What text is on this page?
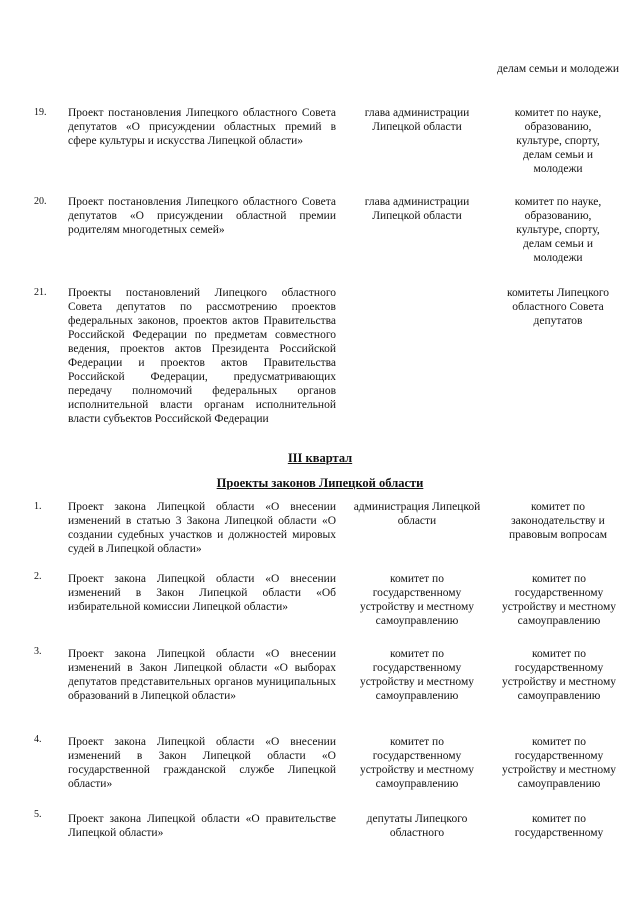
делам семьи и молодежи
19. Проект постановления Липецкого областного Совета депутатов «О присуждении областных премий в сфере культуры и искусства Липецкой области»
глава администрации Липецкой области
комитет по науке, образованию, культуре, спорту, делам семьи и молодежи
20. Проект постановления Липецкого областного Совета депутатов «О присуждении областной премии родителям многодетных семей»
глава администрации Липецкой области
комитет по науке, образованию, культуре, спорту, делам семьи и молодежи
21. Проекты постановлений Липецкого областного Совета депутатов по рассмотрению проектов федеральных законов, проектов актов Правительства Российской Федерации по предметам совместного ведения, проектов актов Президента Российской Федерации и проектов актов Правительства Российской Федерации, предусматривающих передачу полномочий федеральных органов исполнительной власти органам исполнительной власти субъектов Российской Федерации
комитеты Липецкого областного Совета депутатов
III квартал
Проекты законов Липецкой области
1. Проект закона Липецкой области «О внесении изменений в статью 3 Закона Липецкой области «О создании судебных участков и должностей мировых судей в Липецкой области»
администрация Липецкой области
комитет по законодательству и правовым вопросам
2. Проект закона Липецкой области «О внесении изменений в Закон Липецкой области «Об избирательной комиссии Липецкой области»
комитет по государственному устройству и местному самоуправлению
комитет по государственному устройству и местному самоуправлению
3. Проект закона Липецкой области «О внесении изменений в Закон Липецкой области «О выборах депутатов представительных органов муниципальных образований в Липецкой области»
комитет по государственному устройству и местному самоуправлению
комитет по государственному устройству и местному самоуправлению
4. Проект закона Липецкой области «О внесении изменений в Закон Липецкой области «О государственной гражданской службе Липецкой области»
комитет по государственному устройству и местному самоуправлению
комитет по государственному устройству и местному самоуправлению
5. Проект закона Липецкой области «О правительстве Липецкой области»
депутаты Липецкого областного
комитет по государственному
